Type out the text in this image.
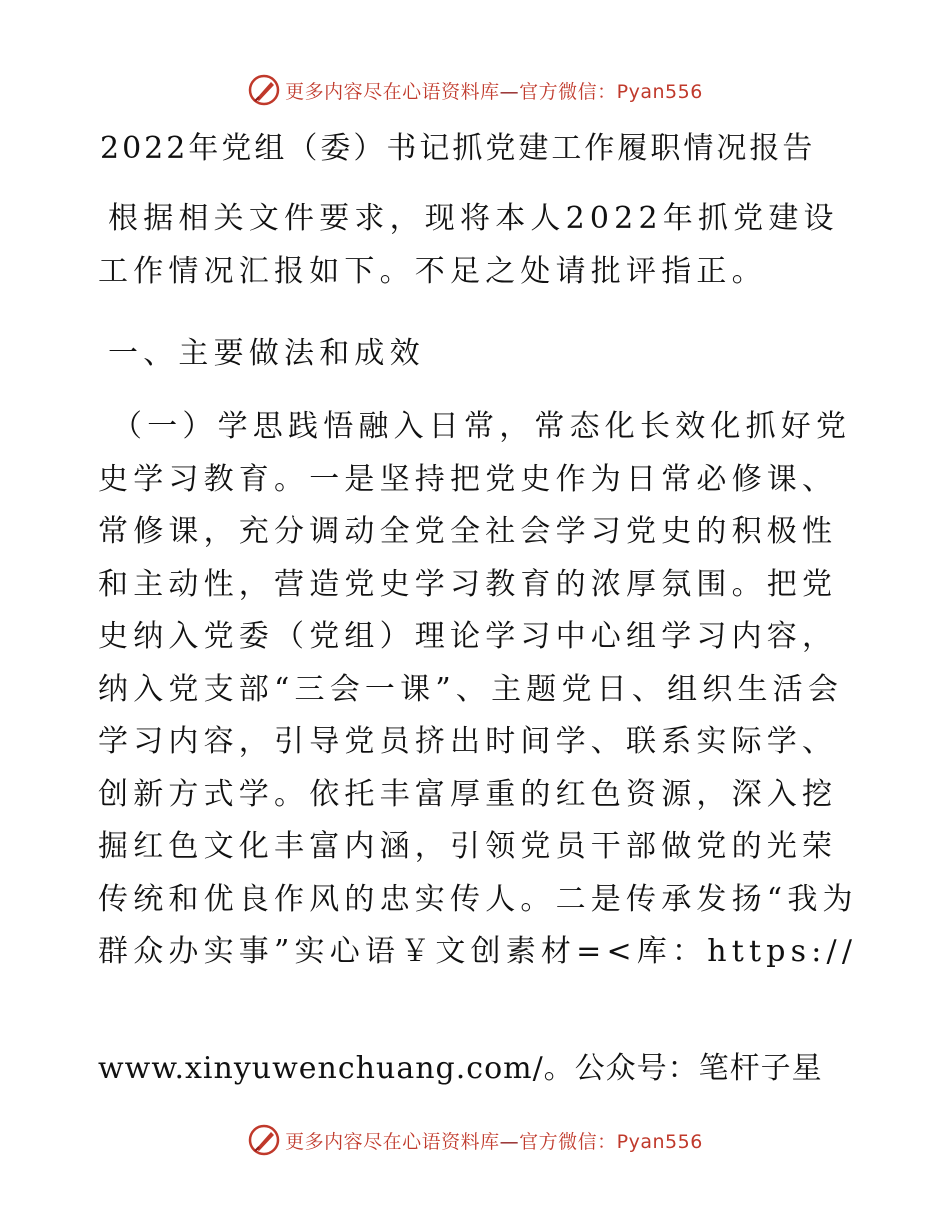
更多内容尽在心语资料库—官方微信：Pyan556
2022年党组（委）书记抓党建工作履职情况报告

根据相关文件要求，现将本人2022年抓党建设工作情况汇报如下。不足之处请批评指正。

一、主要做法和成效

（一）学思践悟融入日常，常态化长效化抓好党史学习教育。一是坚持把党史作为日常必修课、常修课，充分调动全党全社会学习党史的积极性和主动性，营造党史学习教育的浓厚氛围。把党史纳入党委（党组）理论学习中心组学习内容，纳入党支部“三会一课”、主题党日、组织生活会学习内容，引导党员挤出时间学、联系实际学、创新方式学。依托丰富厚重的红色资源，深入挖掘红色文化丰富内涵，引领党员干部做党的光荣传统和优良作风的忠实传人。二是传承发扬“我为群众办实事”实心语￥文创素材=<库：https://

www.xinyuwenchuang.com/。公众号：笔杆子星

更多内容尽在心语资料库—官方微信：Pyan556
